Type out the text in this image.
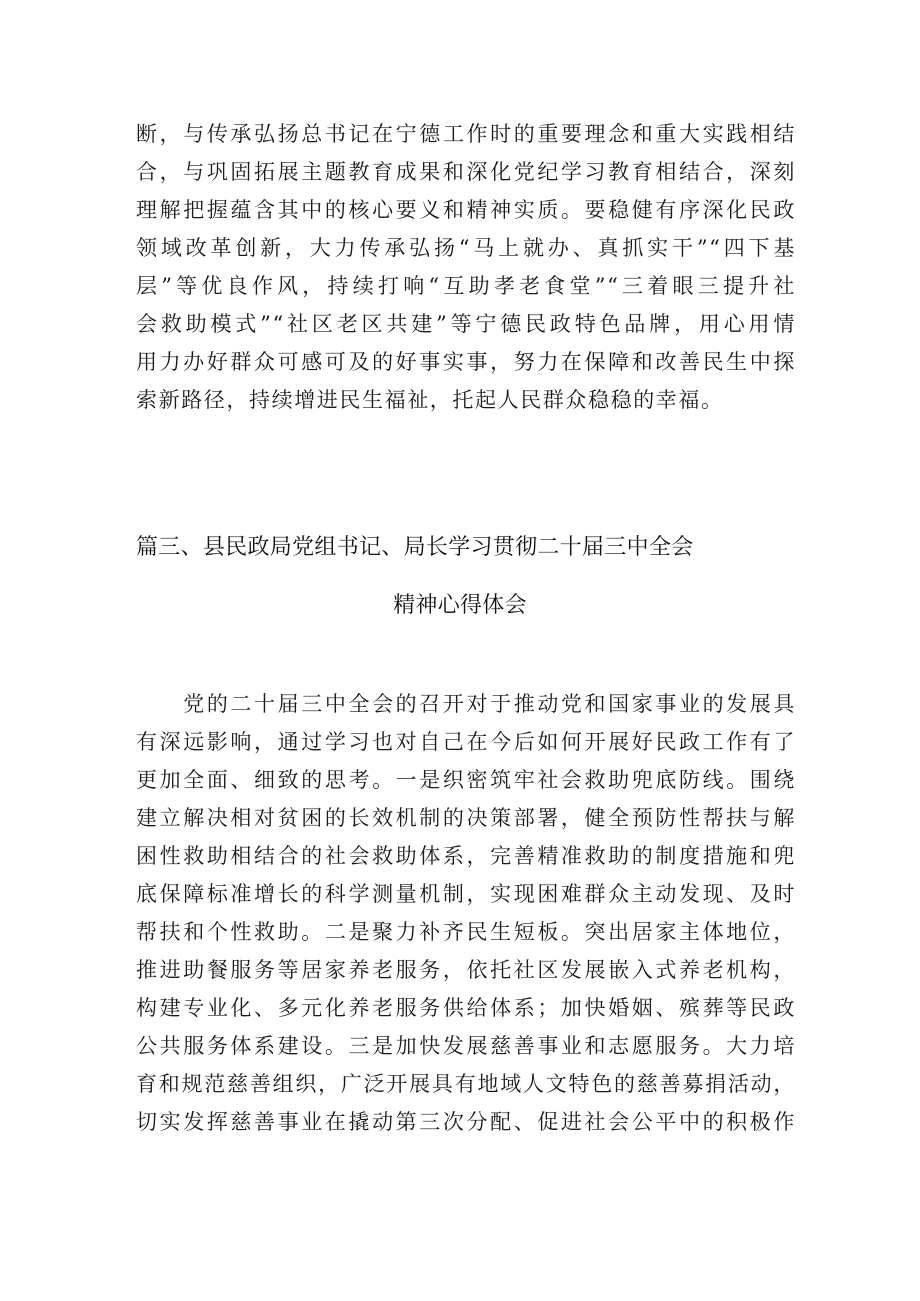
断，与传承弘扬总书记在宁德工作时的重要理念和重大实践相结
合，与巩固拓展主题教育成果和深化党纪学习教育相结合，深刻
理解把握蕴含其中的核心要义和精神实质。要稳健有序深化民政
领域改革创新，大力传承弘扬“马上就办、真抓实干”“四下基
层”等优良作风，持续打响“互助孝老食堂”“三着眼三提升社
会救助模式”“社区老区共建”等宁德民政特色品牌，用心用情
用力办好群众可感可及的好事实事，努力在保障和改善民生中探
索新路径，持续增进民生福祉，托起人民群众稳稳的幸福。
篇三、县民政局党组书记、局长学习贯彻二十届三中全会
精神心得体会
　　党的二十届三中全会的召开对于推动党和国家事业的发展具
有深远影响，通过学习也对自己在今后如何开展好民政工作有了
更加全面、细致的思考。一是织密筑牢社会救助兜底防线。围绕
建立解决相对贫困的长效机制的决策部署，健全预防性帮扶与解
困性救助相结合的社会救助体系，完善精准救助的制度措施和兜
底保障标准增长的科学测量机制，实现困难群众主动发现、及时
帮扶和个性救助。二是聚力补齐民生短板。突出居家主体地位，
推进助餐服务等居家养老服务，依托社区发展嵌入式养老机构，
构建专业化、多元化养老服务供给体系；加快婚姻、殡葬等民政
公共服务体系建设。三是加快发展慈善事业和志愿服务。大力培
育和规范慈善组织，广泛开展具有地域人文特色的慈善募捐活动，
切实发挥慈善事业在撬动第三次分配、促进社会公平中的积极作
